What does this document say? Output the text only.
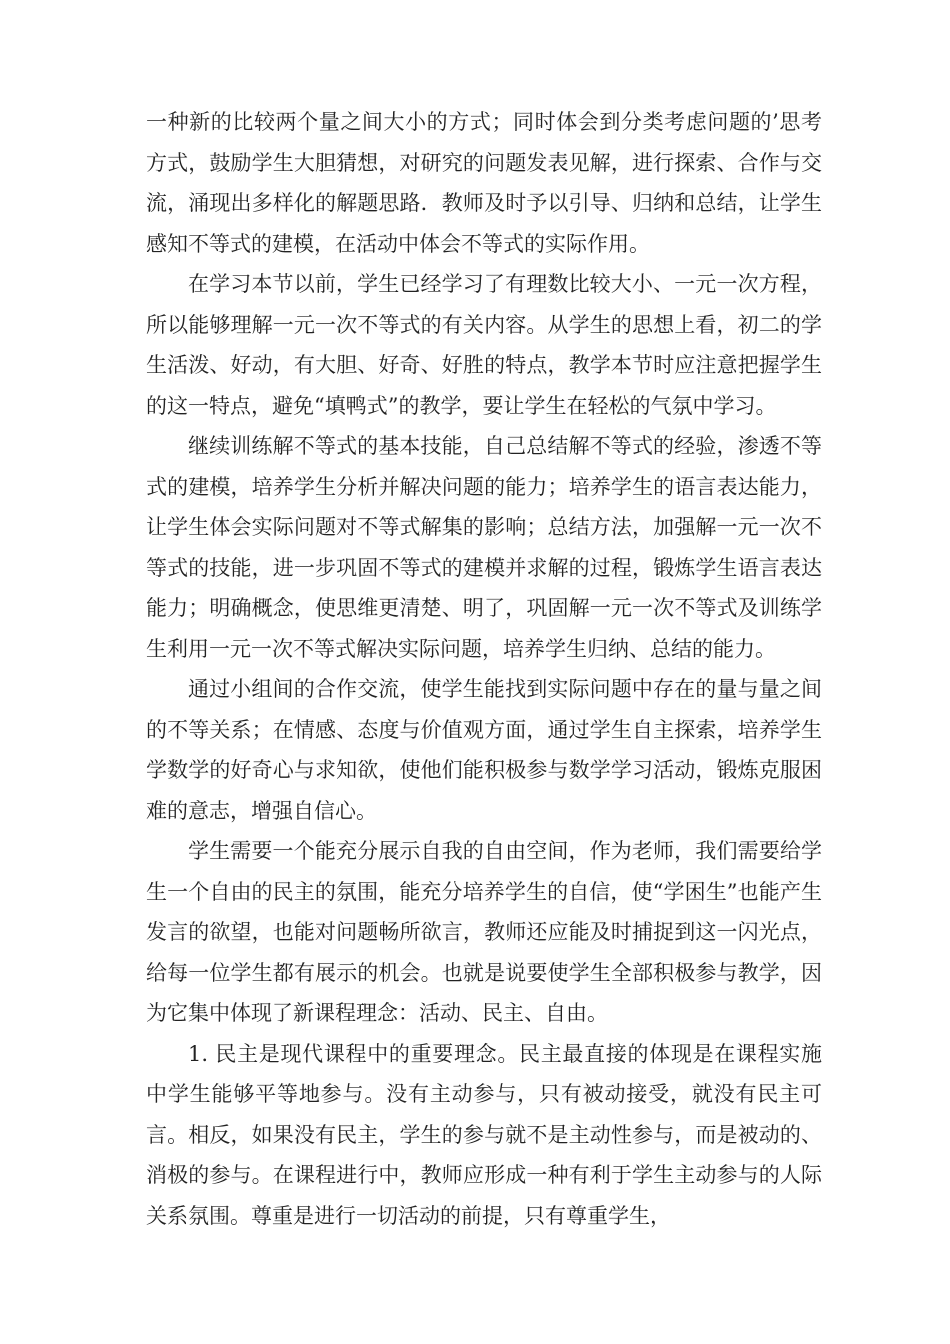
一种新的比较两个量之间大小的方式；同时体会到分类考虑问题的’思考方式，鼓励学生大胆猜想，对研究的问题发表见解，进行探索、合作与交流，涌现出多样化的解题思路．教师及时予以引导、归纳和总结，让学生感知不等式的建模，在活动中体会不等式的实际作用。

在学习本节以前，学生已经学习了有理数比较大小、一元一次方程，所以能够理解一元一次不等式的有关内容。从学生的思想上看，初二的学生活泼、好动，有大胆、好奇、好胜的特点，教学本节时应注意把握学生的这一特点，避免“填鸭式”的教学，要让学生在轻松的气氛中学习。

继续训练解不等式的基本技能，自己总结解不等式的经验，渗透不等式的建模，培养学生分析并解决问题的能力；培养学生的语言表达能力，让学生体会实际问题对不等式解集的影响；总结方法，加强解一元一次不等式的技能，进一步巩固不等式的建模并求解的过程，锻炼学生语言表达能力；明确概念，使思维更清楚、明了，巩固解一元一次不等式及训练学生利用一元一次不等式解决实际问题，培养学生归纳、总结的能力。

通过小组间的合作交流，使学生能找到实际问题中存在的量与量之间的不等关系；在情感、态度与价值观方面，通过学生自主探索，培养学生学数学的好奇心与求知欲，使他们能积极参与数学学习活动，锻炼克服困难的意志，增强自信心。

学生需要一个能充分展示自我的自由空间，作为老师，我们需要给学生一个自由的民主的氛围，能充分培养学生的自信，使“学困生”也能产生发言的欲望，也能对问题畅所欲言，教师还应能及时捕捉到这一闪光点，给每一位学生都有展示的机会。也就是说要使学生全部积极参与教学，因为它集中体现了新课程理念：活动、民主、自由。

1. 民主是现代课程中的重要理念。民主最直接的体现是在课程实施中学生能够平等地参与。没有主动参与，只有被动接受，就没有民主可言。相反，如果没有民主，学生的参与就不是主动性参与，而是被动的、消极的参与。在课程进行中，教师应形成一种有利于学生主动参与的人际关系氛围。尊重是进行一切活动的前提，只有尊重学生，
